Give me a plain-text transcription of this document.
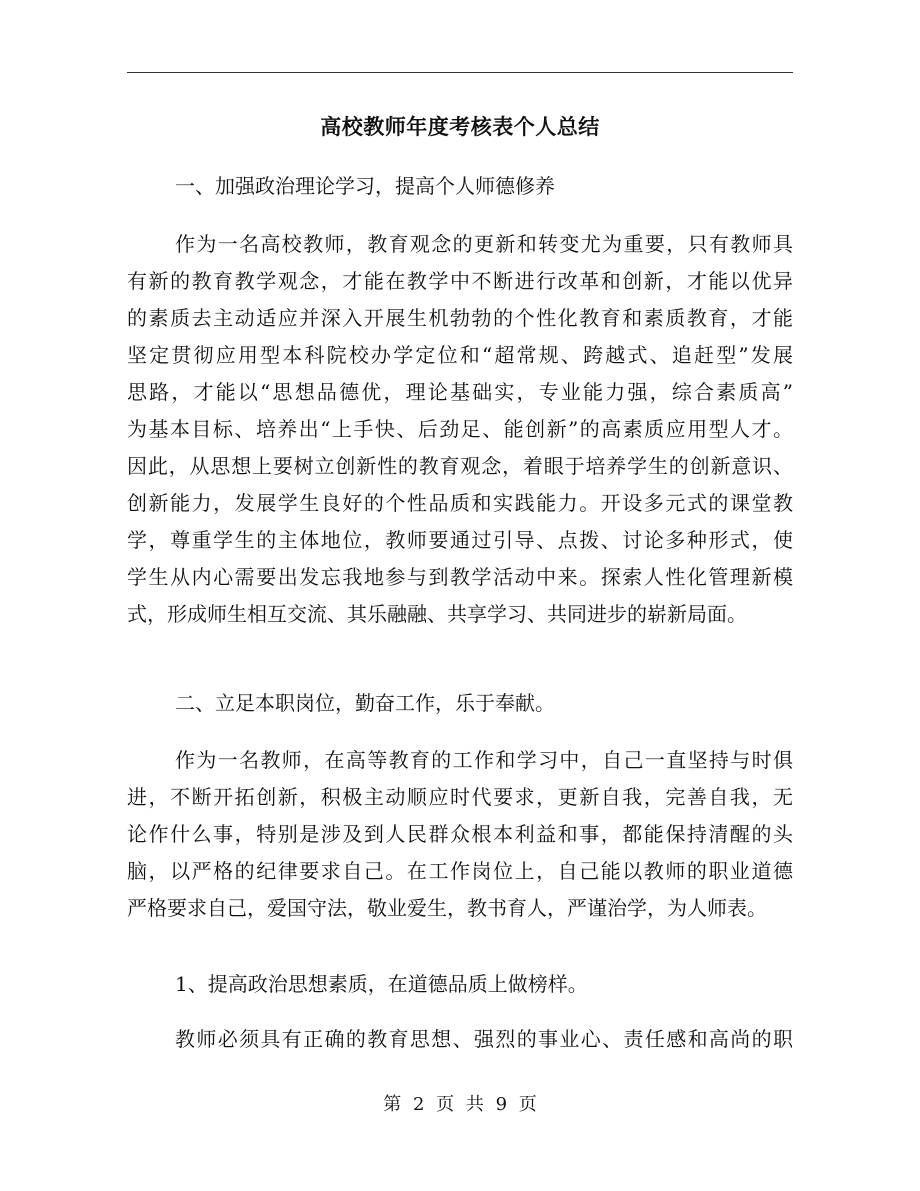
高校教师年度考核表个人总结
一、加强政治理论学习，提高个人师德修养
作为一名高校教师，教育观念的更新和转变尤为重要，只有教师具
有新的教育教学观念，才能在教学中不断进行改革和创新，才能以优异
的素质去主动适应并深入开展生机勃勃的个性化教育和素质教育，才能
坚定贯彻应用型本科院校办学定位和“超常规、跨越式、追赶型”发展
思路，才能以“思想品德优，理论基础实，专业能力强，综合素质高”
为基本目标、培养出“上手快、后劲足、能创新”的高素质应用型人才。
因此，从思想上要树立创新性的教育观念，着眼于培养学生的创新意识、
创新能力，发展学生良好的个性品质和实践能力。开设多元式的课堂教
学，尊重学生的主体地位，教师要通过引导、点拨、讨论多种形式，使
学生从内心需要出发忘我地参与到教学活动中来。探索人性化管理新模
式，形成师生相互交流、其乐融融、共享学习、共同进步的崭新局面。
二、立足本职岗位，勤奋工作，乐于奉献。
作为一名教师，在高等教育的工作和学习中，自己一直坚持与时俱
进，不断开拓创新，积极主动顺应时代要求，更新自我，完善自我，无
论作什么事，特别是涉及到人民群众根本利益和事，都能保持清醒的头
脑，以严格的纪律要求自己。在工作岗位上，自己能以教师的职业道德
严格要求自己，爱国守法，敬业爱生，教书育人，严谨治学，为人师表。
1、提高政治思想素质，在道德品质上做榜样。
教师必须具有正确的教育思想、强烈的事业心、责任感和高尚的职
第 2 页 共 9 页
